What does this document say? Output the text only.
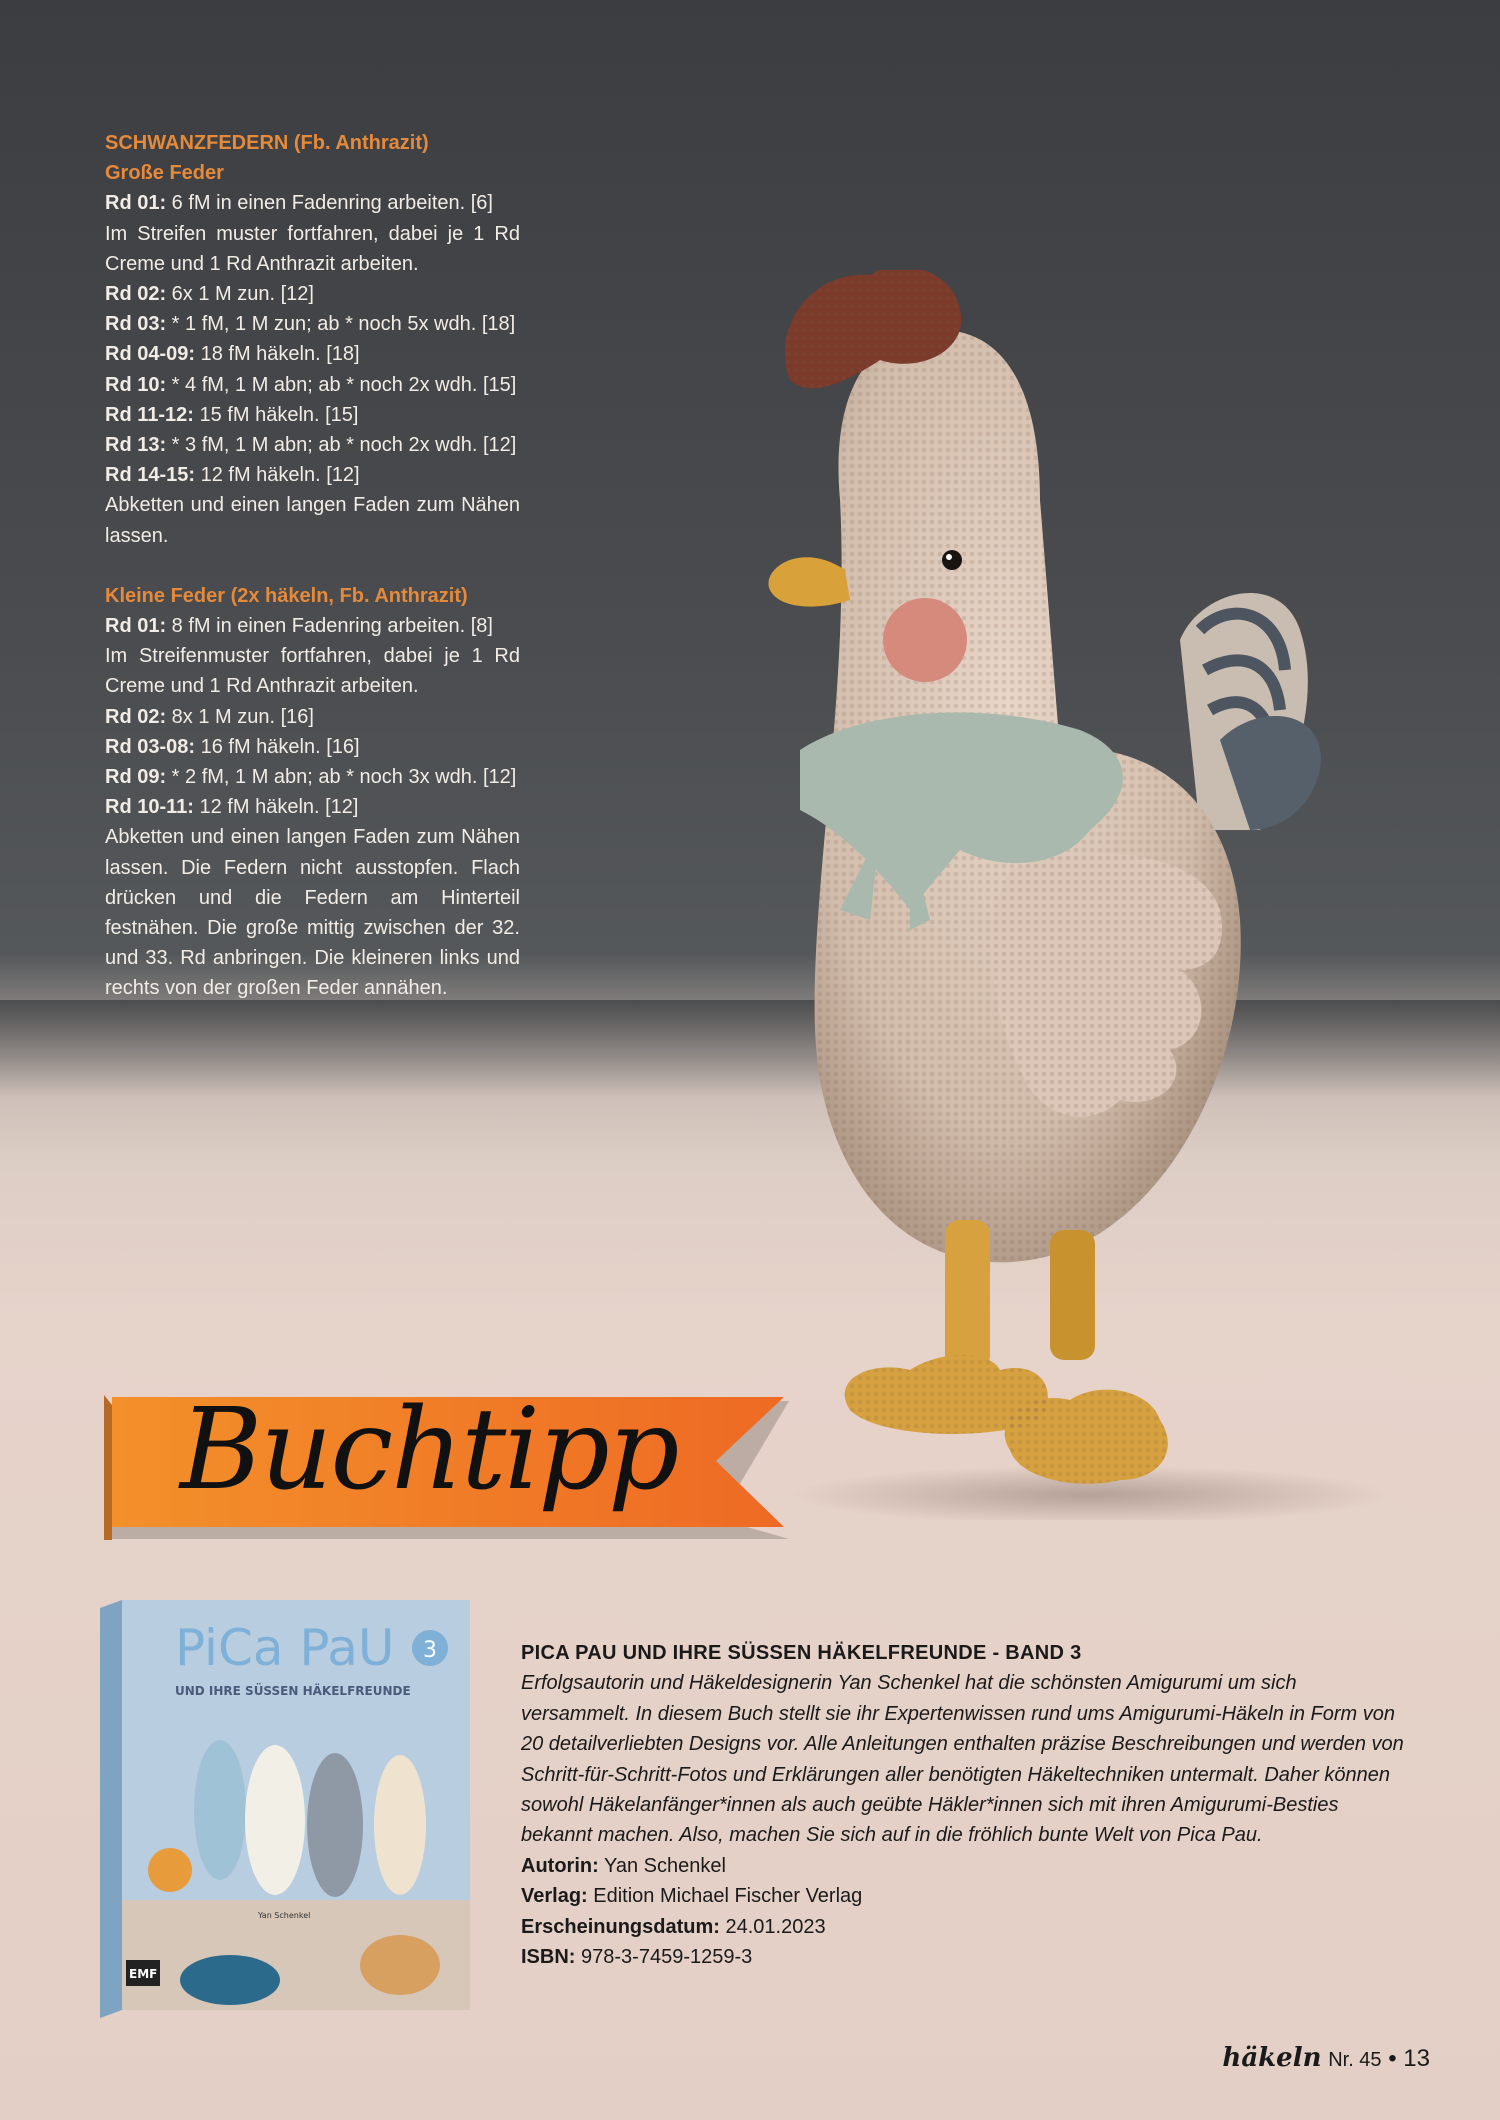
SCHWANZFEDERN (Fb. Anthrazit)

Große Feder

Rd 01: 6 fM in einen Fadenring arbeiten. [6]

Im Streifen muster fortfahren, dabei je 1 Rd Creme und 1 Rd Anthrazit arbeiten.

Rd 02: 6x 1 M zun. [12]

Rd 03: * 1 fM, 1 M zun; ab * noch 5x wdh. [18]

Rd 04-09: 18 fM häkeln. [18]

Rd 10: * 4 fM, 1 M abn; ab * noch 2x wdh. [15]

Rd 11-12: 15 fM häkeln. [15]

Rd 13: * 3 fM, 1 M abn; ab * noch 2x wdh. [12]

Rd 14-15: 12 fM häkeln. [12]

Abketten und einen langen Faden zum Nähen lassen.

Kleine Feder (2x häkeln, Fb. Anthrazit)

Rd 01: 8 fM in einen Fadenring arbeiten. [8]

Im Streifenmuster fortfahren, dabei je 1 Rd Creme und 1 Rd Anthrazit arbeiten.

Rd 02: 8x 1 M zun. [16]

Rd 03-08: 16 fM häkeln. [16]

Rd 09: * 2 fM, 1 M abn; ab * noch 3x wdh. [12]

Rd 10-11: 12 fM häkeln. [12]

Abketten und einen langen Faden zum Nähen lassen. Die Federn nicht ausstopfen. Flach drücken und die Federn am Hinterteil festnähen. Die große mittig zwischen der 32. und 33. Rd anbringen. Die kleineren links und rechts von der großen Feder annähen.

Buchtipp
PiCa PaU 3
UND IHRE SÜSSEN HÄKELFREUNDE
Yan Schenkel
EMF

PICA PAU UND IHRE SÜSSEN HÄKELFREUNDE - BAND 3

Erfolgsautorin und Häkeldesignerin Yan Schenkel hat die schönsten Amigurumi um sich versammelt. In diesem Buch stellt sie ihr Expertenwissen rund ums Amigurumi-Häkeln in Form von 20 detailverliebten Designs vor. Alle Anleitungen enthalten präzise Beschreibungen und werden von Schritt-für-Schritt-Fotos und Erklärungen aller benötigten Häkeltechniken untermalt. Daher können sowohl Häkelanfänger*innen als auch geübte Häkler*innen sich mit ihren Amigurumi-Besties bekannt machen. Also, machen Sie sich auf in die fröhlich bunte Welt von Pica Pau.

Autorin: Yan Schenkel

Verlag: Edition Michael Fischer Verlag

Erscheinungsdatum: 24.01.2023

ISBN: 978-3-7459-1259-3

häkeln Nr. 45 • 13
